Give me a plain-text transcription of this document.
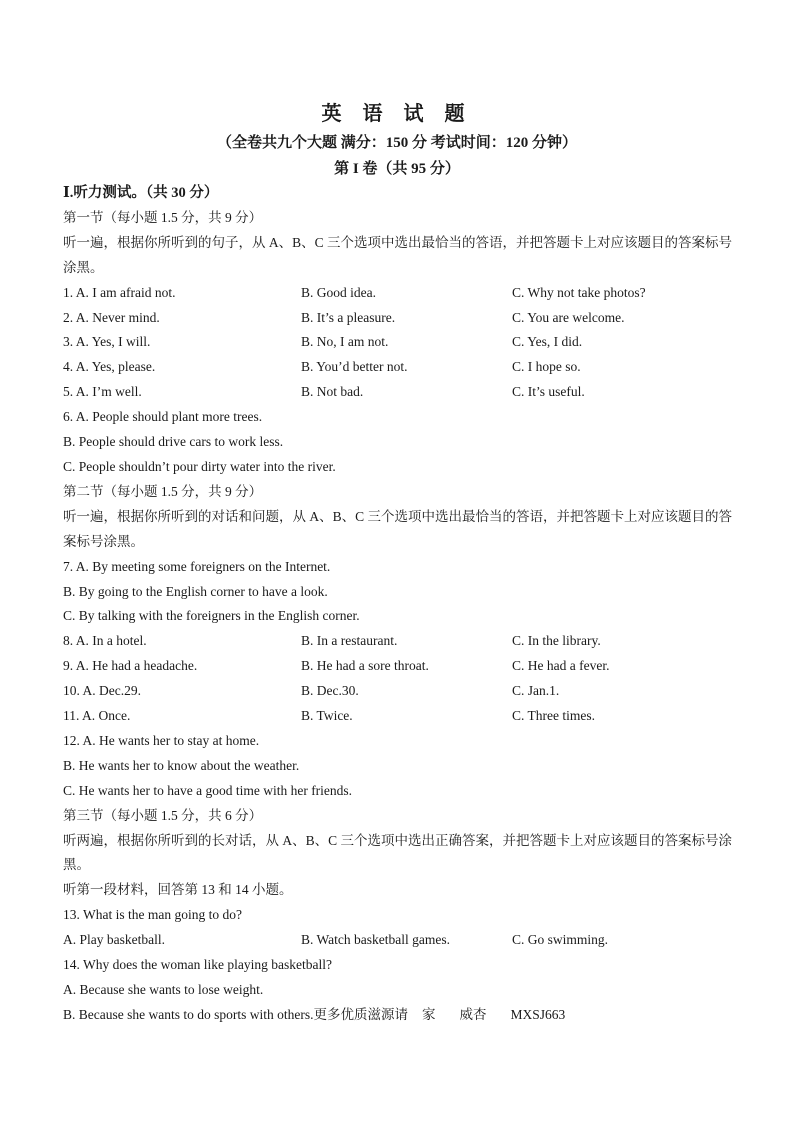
英 语 试 题
（全卷共九个大题 满分：150 分 考试时间：120 分钟）
第 I 卷（共 95 分）
Ⅰ.听力测试。（共 30 分）
第一节（每小题 1.5 分，共 9 分）
听一遍，根据你所听到的句子，从 A、B、C 三个选项中选出最恰当的答语，并把答题卡上对应该题目的答案标号涂黑。
1. A. I am afraid not.	B. Good idea.	C. Why not take photos?
2. A. Never mind.	B. It’s a pleasure.	C. You are welcome.
3. A. Yes, I will.	B. No, I am not.	C. Yes, I did.
4. A. Yes, please.	B. You’d better not.	C. I hope so.
5. A. I’m well.	B. Not bad.	C. It’s useful.
6. A. People should plant more trees.
B. People should drive cars to work less.
C. People shouldn’t pour dirty water into the river.
第二节（每小题 1.5 分，共 9 分）
听一遍，根据你所听到的对话和问题，从 A、B、C 三个选项中选出最恰当的答语，并把答题卡上对应该题目的答案标号涂黑。
7. A. By meeting some foreigners on the Internet.
B. By going to the English corner to have a look.
C. By talking with the foreigners in the English corner.
8. A. In a hotel.	B. In a restaurant.	C. In the library.
9. A. He had a headache.	B. He had a sore throat.	C. He had a fever.
10. A. Dec.29.	B. Dec.30.	C. Jan.1.
11. A. Once.	B. Twice.	C. Three times.
12. A. He wants her to stay at home.
B. He wants her to know about the weather.
C. He wants her to have a good time with her friends.
第三节（每小题 1.5 分，共 6 分）
听两遍，根据你所听到的长对话，从 A、B、C 三个选项中选出正确答案，并把答题卡上对应该题目的答案标号涂黑。
听第一段材料，回答第 13 和 14 小题。
13. What is the man going to do?
A. Play basketball.	B. Watch basketball games.	C. Go swimming.
14. Why does the woman like playing basketball?
A. Because she wants to lose weight.
B. Because she wants to do sports with others.更多优质滋源请 家 威杏 MXSJ663
